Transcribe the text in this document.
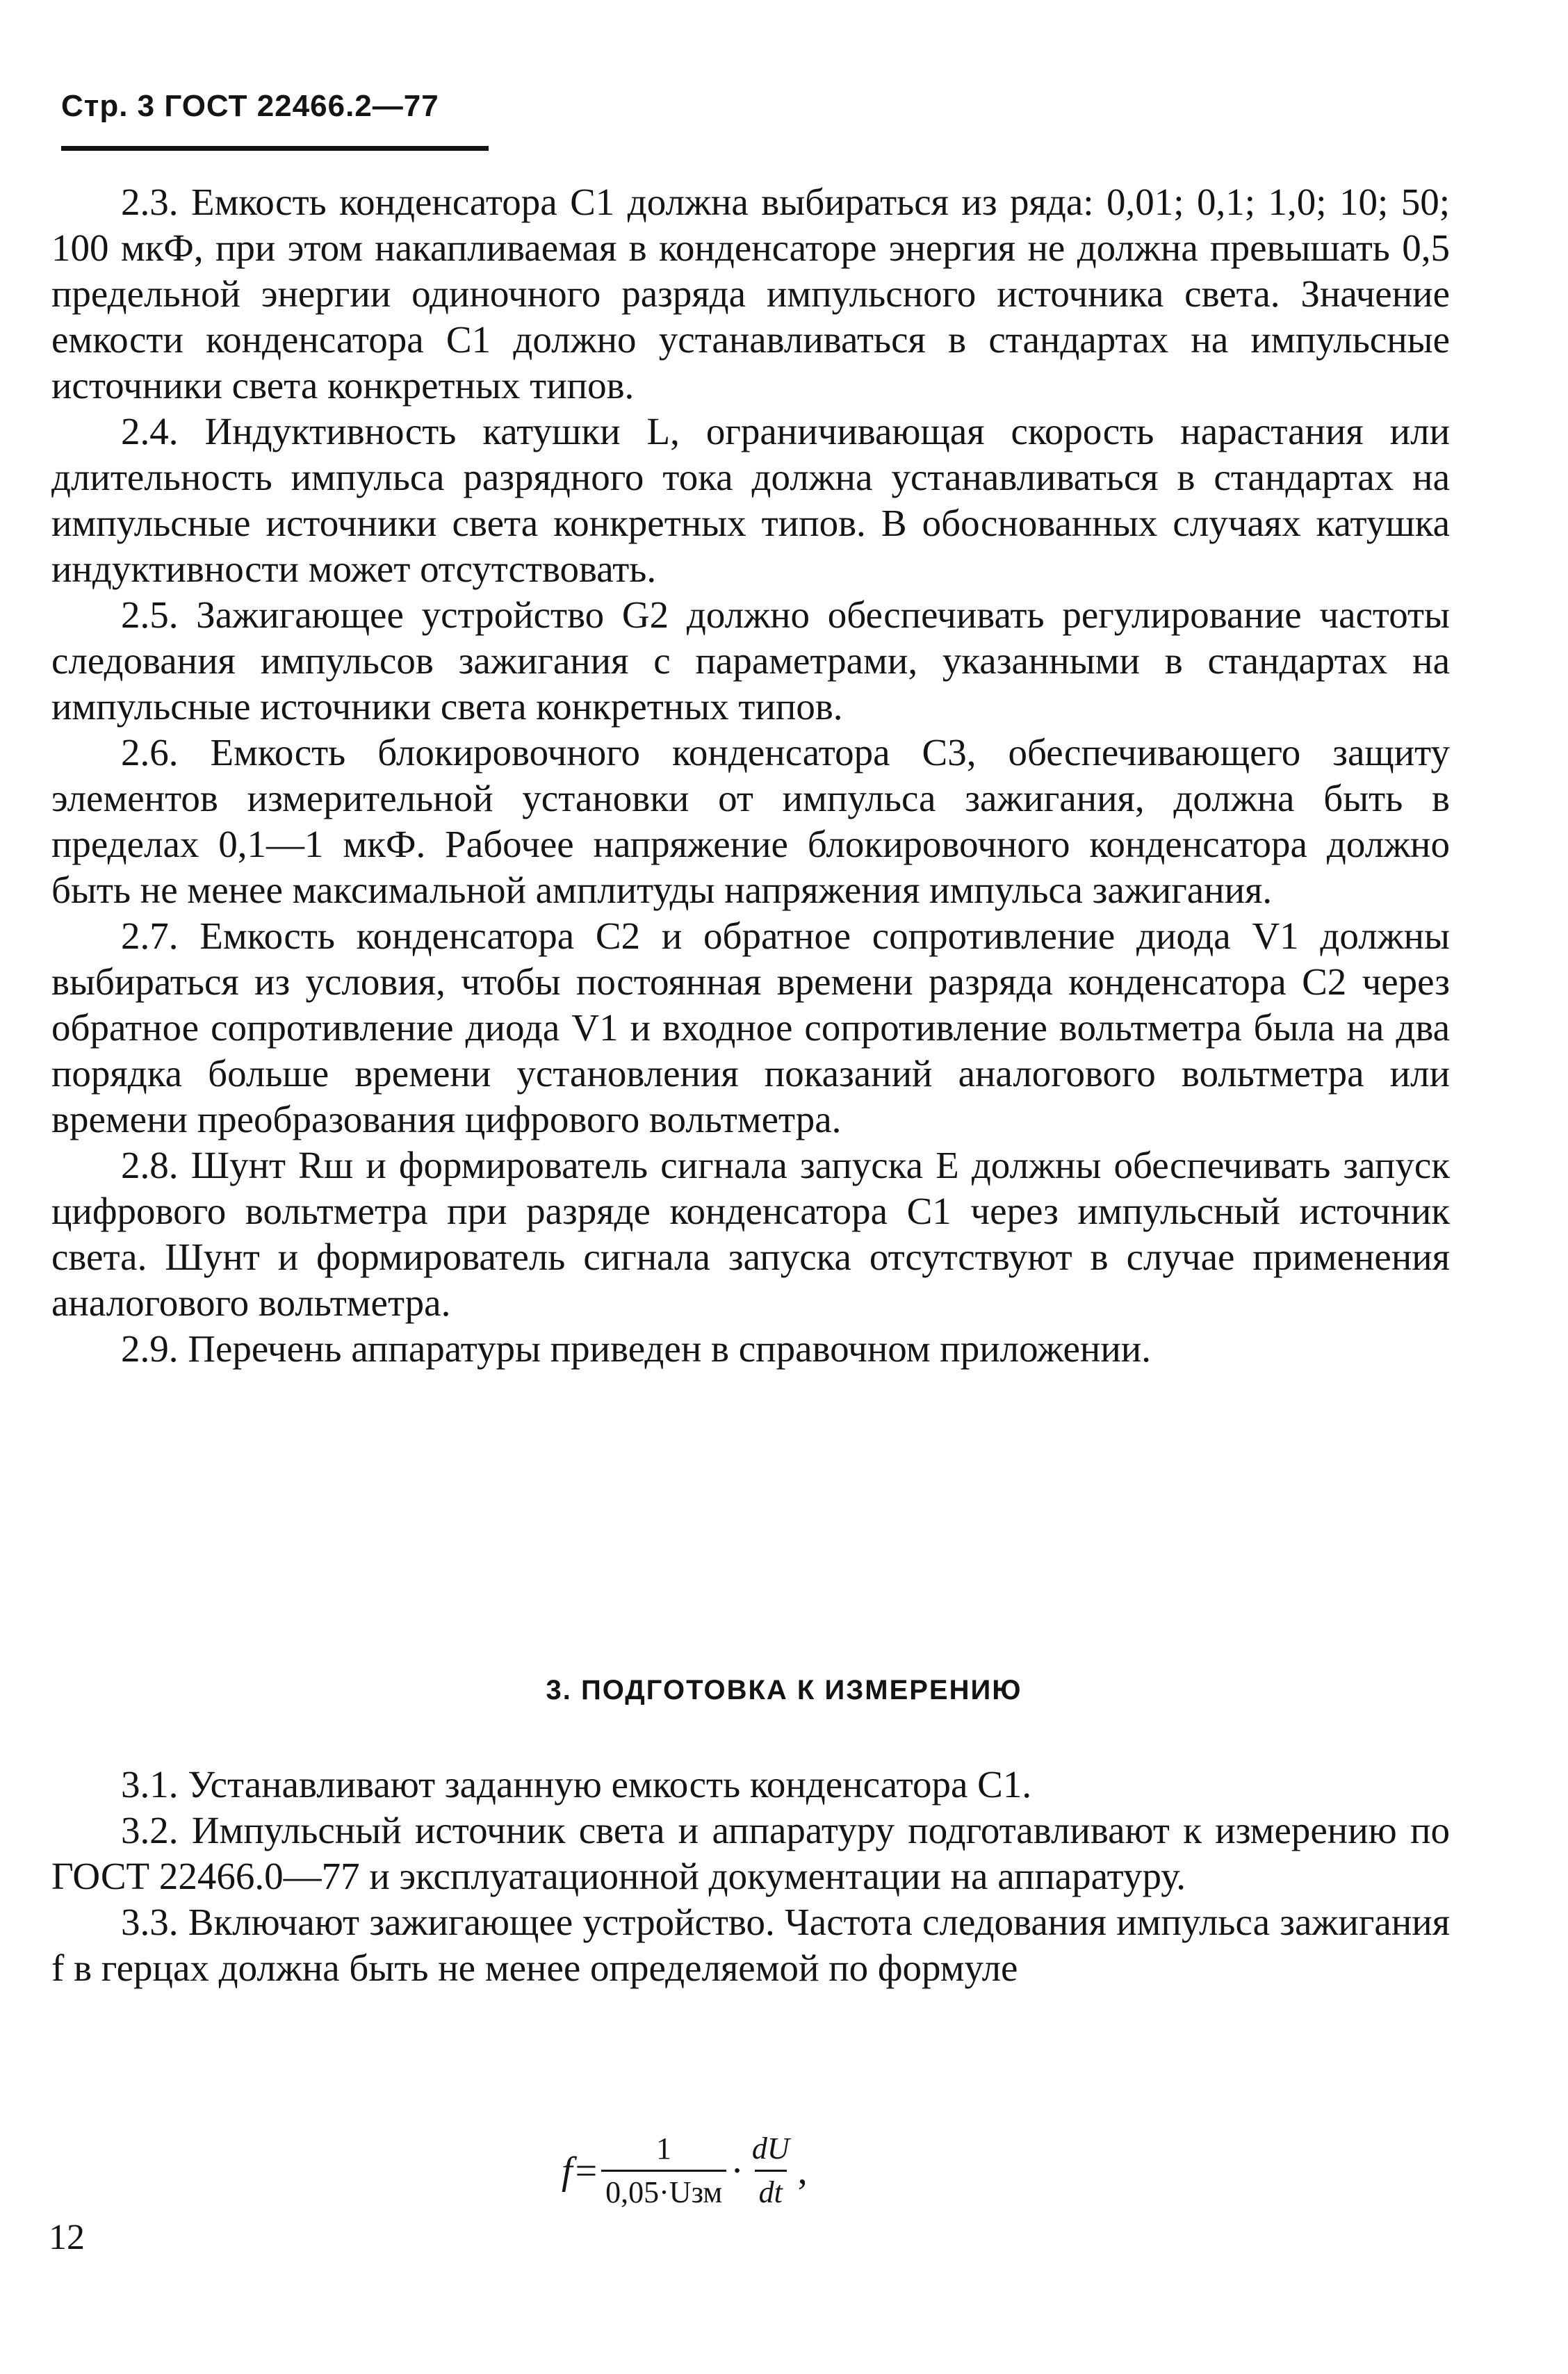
Стр. 3 ГОСТ 22466.2—77

2.3. Емкость конденсатора C1 должна выбираться из ряда: 0,01; 0,1; 1,0; 10; 50; 100 мкФ, при этом накапливаемая в конденсаторе энергия не должна превышать 0,5 предельной энергии одиночного разряда импульсного источника света. Значение емкости конденсатора C1 должно устанавливаться в стандартах на импульсные источники света конкретных типов.

2.4. Индуктивность катушки L, ограничивающая скорость нарастания или длительность импульса разрядного тока должна устанавливаться в стандартах на импульсные источники света конкретных типов. В обоснованных случаях катушка индуктивности может отсутствовать.

2.5. Зажигающее устройство G2 должно обеспечивать регулирование частоты следования импульсов зажигания с параметрами, указанными в стандартах на импульсные источники света конкретных типов.

2.6. Емкость блокировочного конденсатора C3, обеспечивающего защиту элементов измерительной установки от импульса зажигания, должна быть в пределах 0,1—1 мкФ. Рабочее напряжение блокировочного конденсатора должно быть не менее максимальной амплитуды напряжения импульса зажигания.

2.7. Емкость конденсатора C2 и обратное сопротивление диода V1 должны выбираться из условия, чтобы постоянная времени разряда конденсатора C2 через обратное сопротивление диода V1 и входное сопротивление вольтметра была на два порядка больше времени установления показаний аналогового вольтметра или времени преобразования цифрового вольтметра.

2.8. Шунт Rш и формирователь сигнала запуска E должны обеспечивать запуск цифрового вольтметра при разряде конденсатора C1 через импульсный источник света. Шунт и формирователь сигнала запуска отсутствуют в случае применения аналогового вольтметра.

2.9. Перечень аппаратуры приведен в справочном приложении.

3. ПОДГОТОВКА К ИЗМЕРЕНИЮ

3.1. Устанавливают заданную емкость конденсатора C1.

3.2. Импульсный источник света и аппаратуру подготавливают к измерению по ГОСТ 22466.0—77 и эксплуатационной документации на аппаратуру.

3.3. Включают зажигающее устройство. Частота следования импульса зажигания f в герцах должна быть не менее определяемой по формуле

$f = \frac{1}{\text{0,05·Uзм}} \cdot \frac{dU}{dt}$ ,
12
